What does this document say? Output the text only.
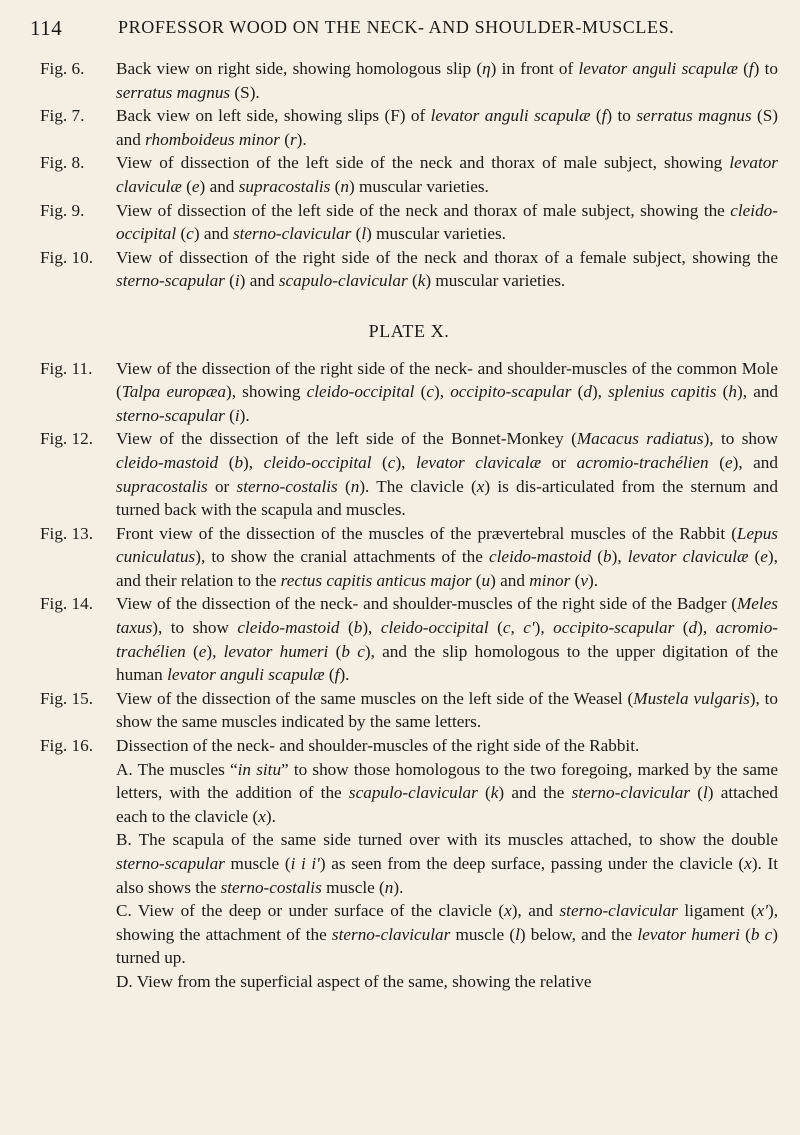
114	PROFESSOR WOOD ON THE NECK- AND SHOULDER-MUSCLES.
Fig. 6.	Back view on right side, showing homologous slip (η) in front of levator anguli scapulæ (f) to serratus magnus (S).
Fig. 7.	Back view on left side, showing slips (F) of levator anguli scapulæ (f) to serratus magnus (S) and rhomboideus minor (r).
Fig. 8.	View of dissection of the left side of the neck and thorax of male subject, showing levator claviculæ (e) and supracostalis (n) muscular varieties.
Fig. 9.	View of dissection of the left side of the neck and thorax of male subject, showing the cleido-occipital (c) and sterno-clavicular (l) muscular varieties.
Fig. 10.	View of dissection of the right side of the neck and thorax of a female subject, showing the sterno-scapular (i) and scapulo-clavicular (k) muscular varieties.
PLATE X.
Fig. 11.	View of the dissection of the right side of the neck- and shoulder-muscles of the common Mole (Talpa europæa), showing cleido-occipital (c), occipito-scapular (d), splenius capitis (h), and sterno-scapular (i).
Fig. 12.	View of the dissection of the left side of the Bonnet-Monkey (Macacus radiatus), to show cleido-mastoid (b), cleido-occipital (c), levator clavicalæ or acromio-trachélien (e), and supracostalis or sterno-costalis (n). The clavicle (x) is dis-articulated from the sternum and turned back with the scapula and muscles.
Fig. 13.	Front view of the dissection of the muscles of the prævertebral muscles of the Rabbit (Lepus cuniculatus), to show the cranial attachments of the cleido-mastoid (b), levator claviculæ (e), and their relation to the rectus capitis anticus major (u) and minor (v).
Fig. 14.	View of the dissection of the neck- and shoulder-muscles of the right side of the Badger (Meles taxus), to show cleido-mastoid (b), cleido-occipital (c, c'), occipito-scapular (d), acromio-trachélien (e), levator humeri (b c), and the slip homologous to the upper digitation of the human levator anguli scapulæ (f).
Fig. 15.	View of the dissection of the same muscles on the left side of the Weasel (Mustela vulgaris), to show the same muscles indicated by the same letters.
Fig. 16.	Dissection of the neck- and shoulder-muscles of the right side of the Rabbit.

A. The muscles “in situ” to show those homologous to the two foregoing, marked by the same letters, with the addition of the scapulo-clavicular (k) and the sterno-clavicular (l) attached each to the clavicle (x).

B. The scapula of the same side turned over with its muscles attached, to show the double sterno-scapular muscle (i i i') as seen from the deep surface, passing under the clavicle (x). It also shows the sterno-costalis muscle (n).

C. View of the deep or under surface of the clavicle (x), and sterno-clavicular ligament (x'), showing the attachment of the sterno-clavicular muscle (l) below, and the levator humeri (b c) turned up.

D. View from the superficial aspect of the same, showing the relative
